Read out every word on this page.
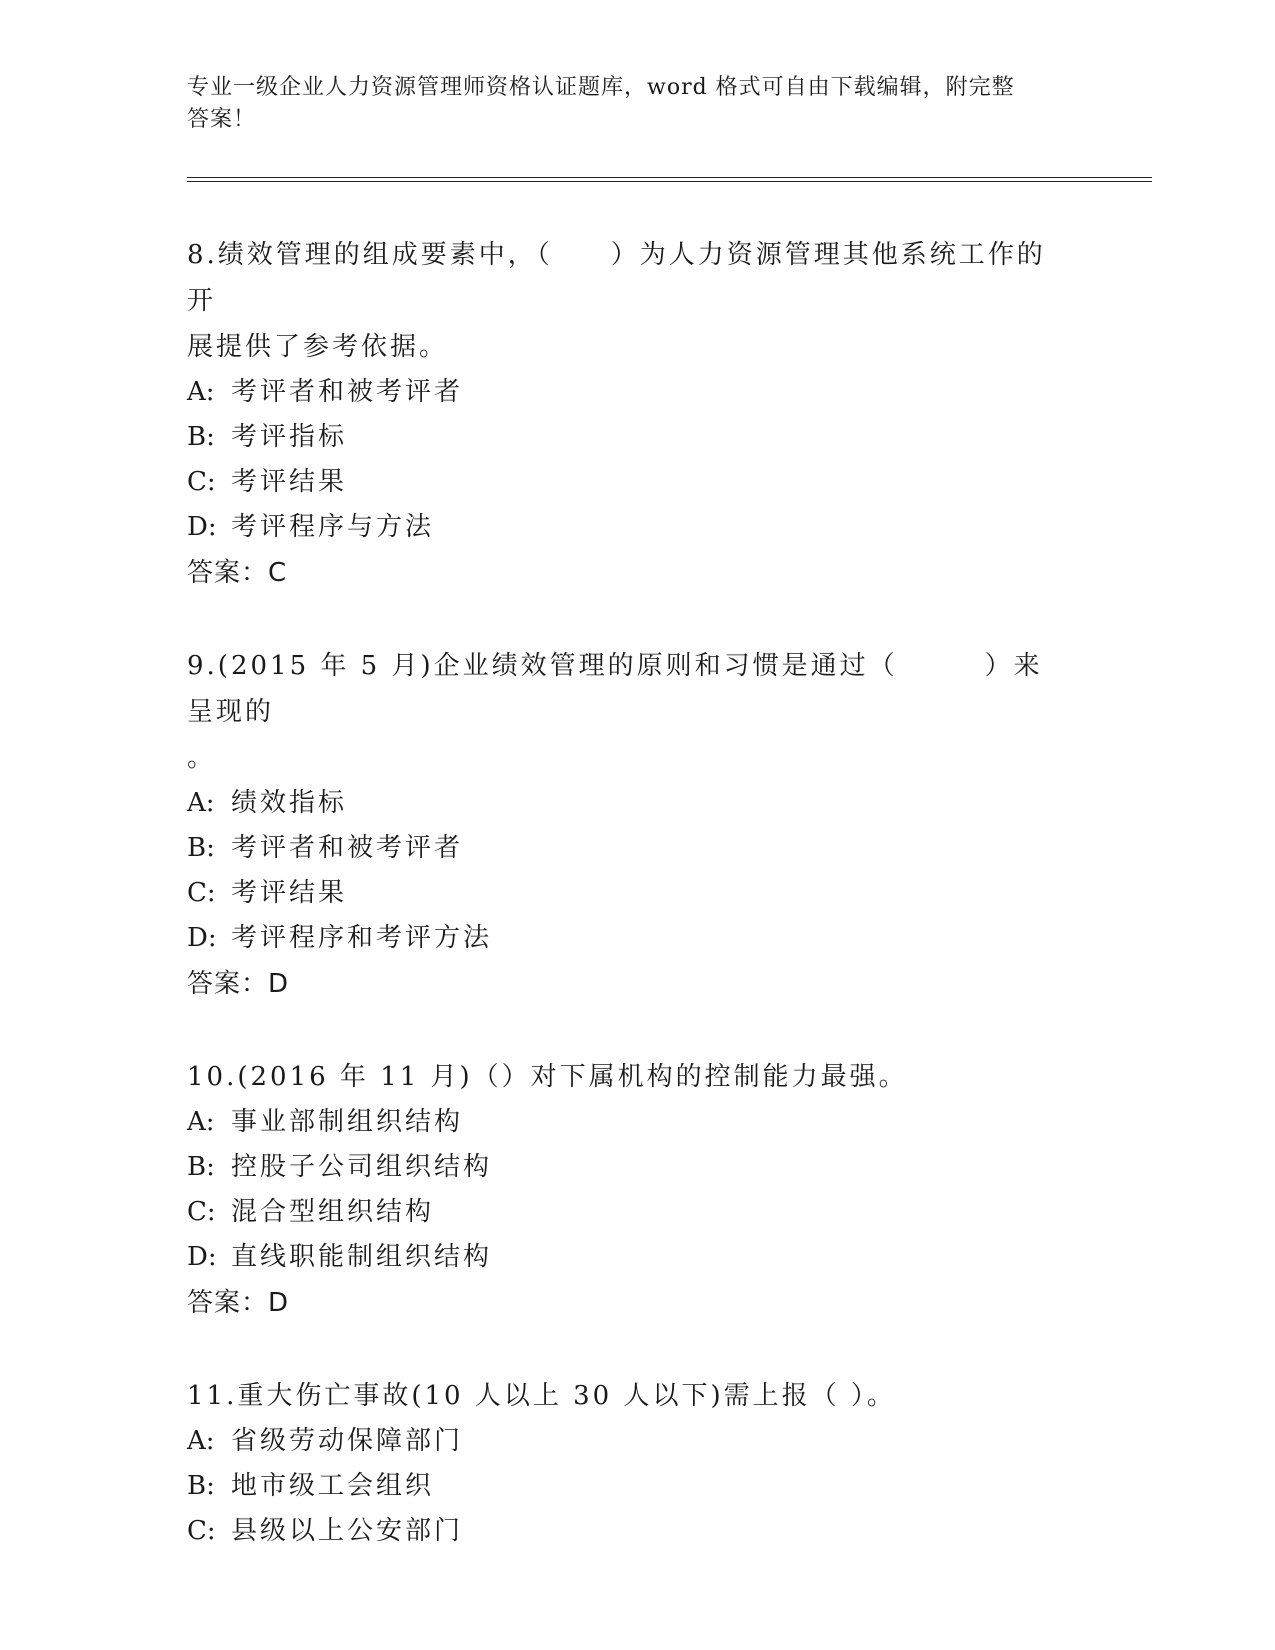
专业一级企业人力资源管理师资格认证题库，word 格式可自由下载编辑，附完整
答案！
8.绩效管理的组成要素中，（　　）为人力资源管理其他系统工作的开
展提供了参考依据。
A: 考评者和被考评者
B: 考评指标
C: 考评结果
D: 考评程序与方法
答案：C
9.(2015 年 5 月)企业绩效管理的原则和习惯是通过（　　　）来呈现的
。
A: 绩效指标
B: 考评者和被考评者
C: 考评结果
D: 考评程序和考评方法
答案：D
10.(2016 年 11 月)（）对下属机构的控制能力最强。
A: 事业部制组织结构
B: 控股子公司组织结构
C: 混合型组织结构
D: 直线职能制组织结构
答案：D
11.重大伤亡事故(10 人以上 30 人以下)需上报（ ）。
A: 省级劳动保障部门
B: 地市级工会组织
C: 县级以上公安部门
